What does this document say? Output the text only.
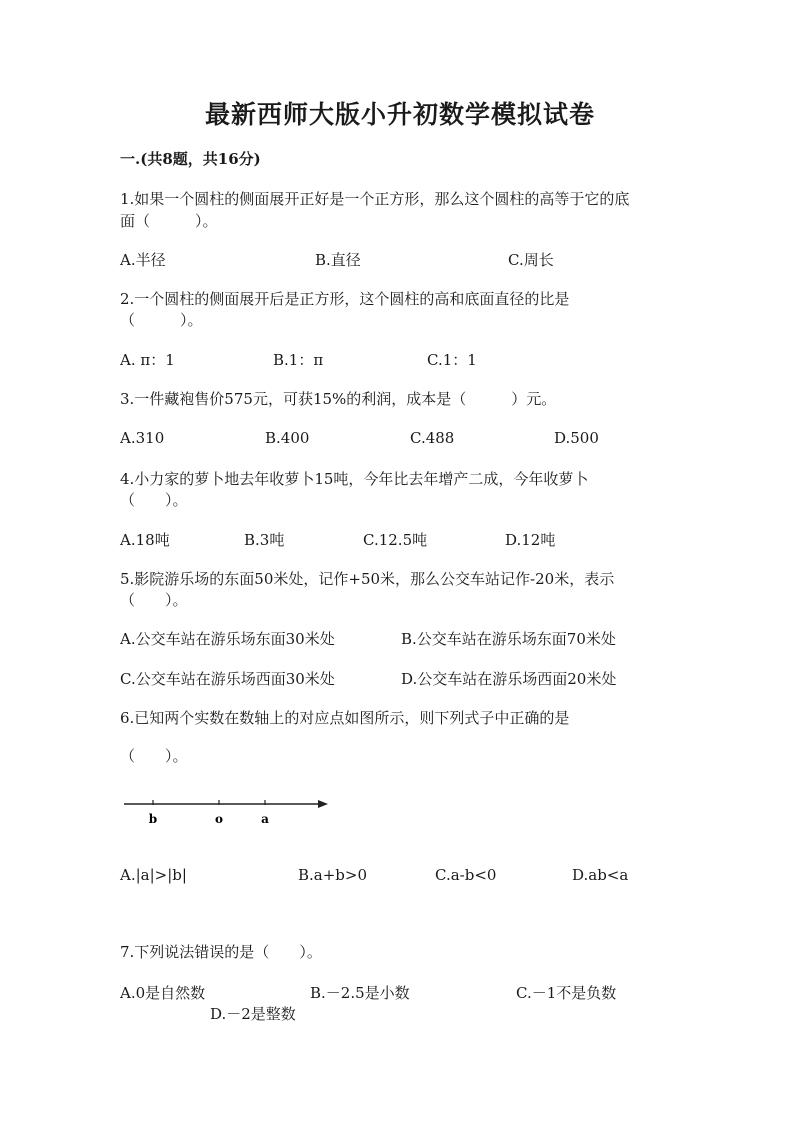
最新西师大版小升初数学模拟试卷
一.(共8题，共16分)
1.如果一个圆柱的侧面展开正好是一个正方形，那么这个圆柱的高等于它的底
面（　　　）。
A.半径	B.直径	C.周长
2.一个圆柱的侧面展开后是正方形，这个圆柱的高和底面直径的比是
（　　　）。
A. π：1	B.1：π	C.1：1
3.一件藏袍售价575元，可获15%的利润，成本是（　　　）元。
A.310	B.400	C.488	D.500
4.小力家的萝卜地去年收萝卜15吨，今年比去年增产二成，今年收萝卜
（　　）。
A.18吨	B.3吨	C.12.5吨	D.12吨
5.影院游乐场的东面50米处，记作+50米，那么公交车站记作-20米，表示
（　　）。
A.公交车站在游乐场东面30米处	B.公交车站在游乐场东面70米处
C.公交车站在游乐场西面30米处	D.公交车站在游乐场西面20米处
6.已知两个实数在数轴上的对应点如图所示，则下列式子中正确的是
（　　）。
b	o	a
A.|a|>|b|	B.a+b>0	C.a-b<0	D.ab<a
7.下列说法错误的是（　　）。
A.0是自然数	B.－2.5是小数	C.－1不是负数
D.－2是整数
